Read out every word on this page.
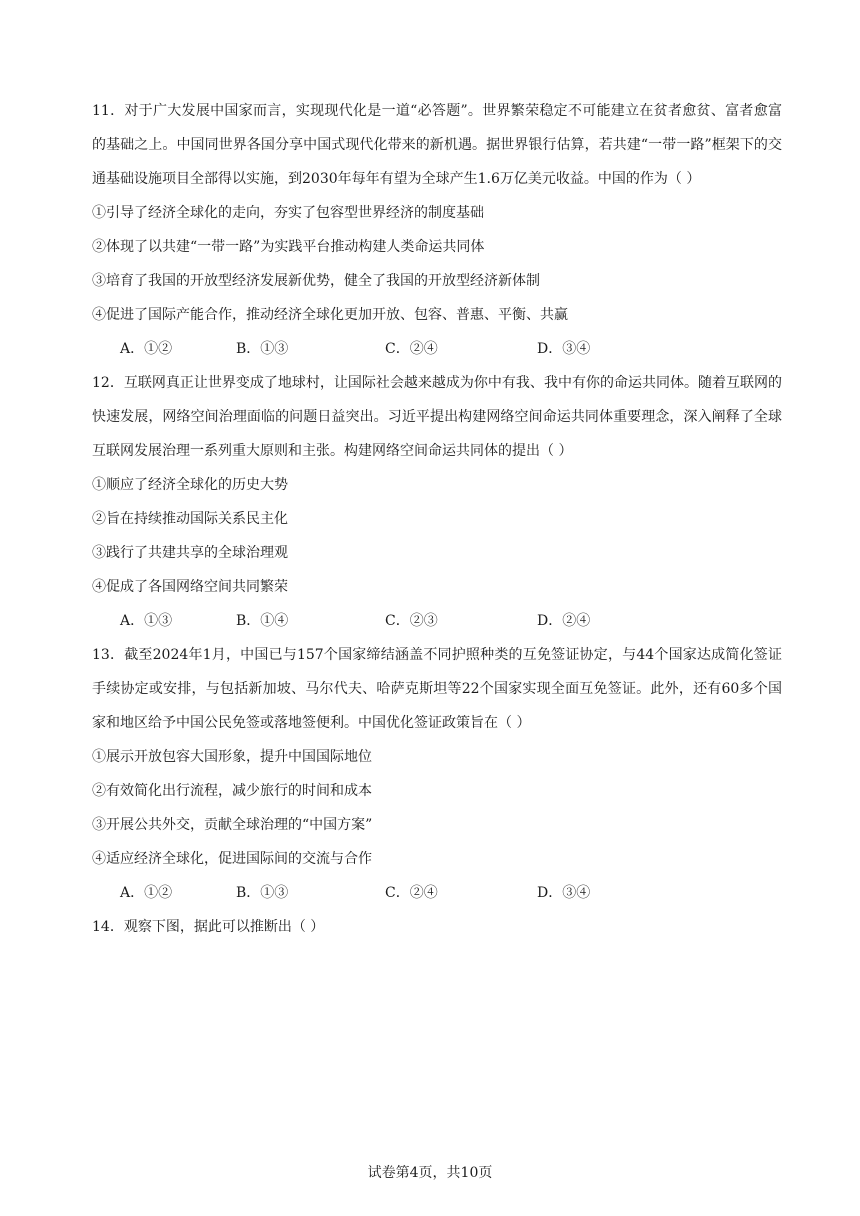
11．对于广大发展中国家而言，实现现代化是一道“必答题”。世界繁荣稳定不可能建立在贫者愈贫、富者愈富的基础之上。中国同世界各国分享中国式现代化带来的新机遇。据世界银行估算，若共建“一带一路”框架下的交通基础设施项目全部得以实施，到2030年每年有望为全球产生1.6万亿美元收益。中国的作为（ ）

①引导了经济全球化的走向，夯实了包容型世界经济的制度基础

②体现了以共建“一带一路”为实践平台推动构建人类命运共同体

③培育了我国的开放型经济发展新优势，健全了我国的开放型经济新体制

④促进了国际产能合作，推动经济全球化更加开放、包容、普惠、平衡、共赢

A．①②	B．①③	C．②④	D．③④

12．互联网真正让世界变成了地球村，让国际社会越来越成为你中有我、我中有你的命运共同体。随着互联网的快速发展，网络空间治理面临的问题日益突出。习近平提出构建网络空间命运共同体重要理念，深入阐释了全球互联网发展治理一系列重大原则和主张。构建网络空间命运共同体的提出（ ）

①顺应了经济全球化的历史大势

②旨在持续推动国际关系民主化

③践行了共建共享的全球治理观

④促成了各国网络空间共同繁荣

A．①③	B．①④	C．②③	D．②④

13．截至2024年1月，中国已与157个国家缔结涵盖不同护照种类的互免签证协定，与44个国家达成简化签证手续协定或安排，与包括新加坡、马尔代夫、哈萨克斯坦等22个国家实现全面互免签证。此外，还有60多个国家和地区给予中国公民免签或落地签便利。中国优化签证政策旨在（ ）

①展示开放包容大国形象，提升中国国际地位

②有效简化出行流程，减少旅行的时间和成本

③开展公共外交，贡献全球治理的“中国方案”

④适应经济全球化，促进国际间的交流与合作

A．①②	B．①③	C．②④	D．③④

14．观察下图，据此可以推断出（ ）

试卷第4页，共10页
